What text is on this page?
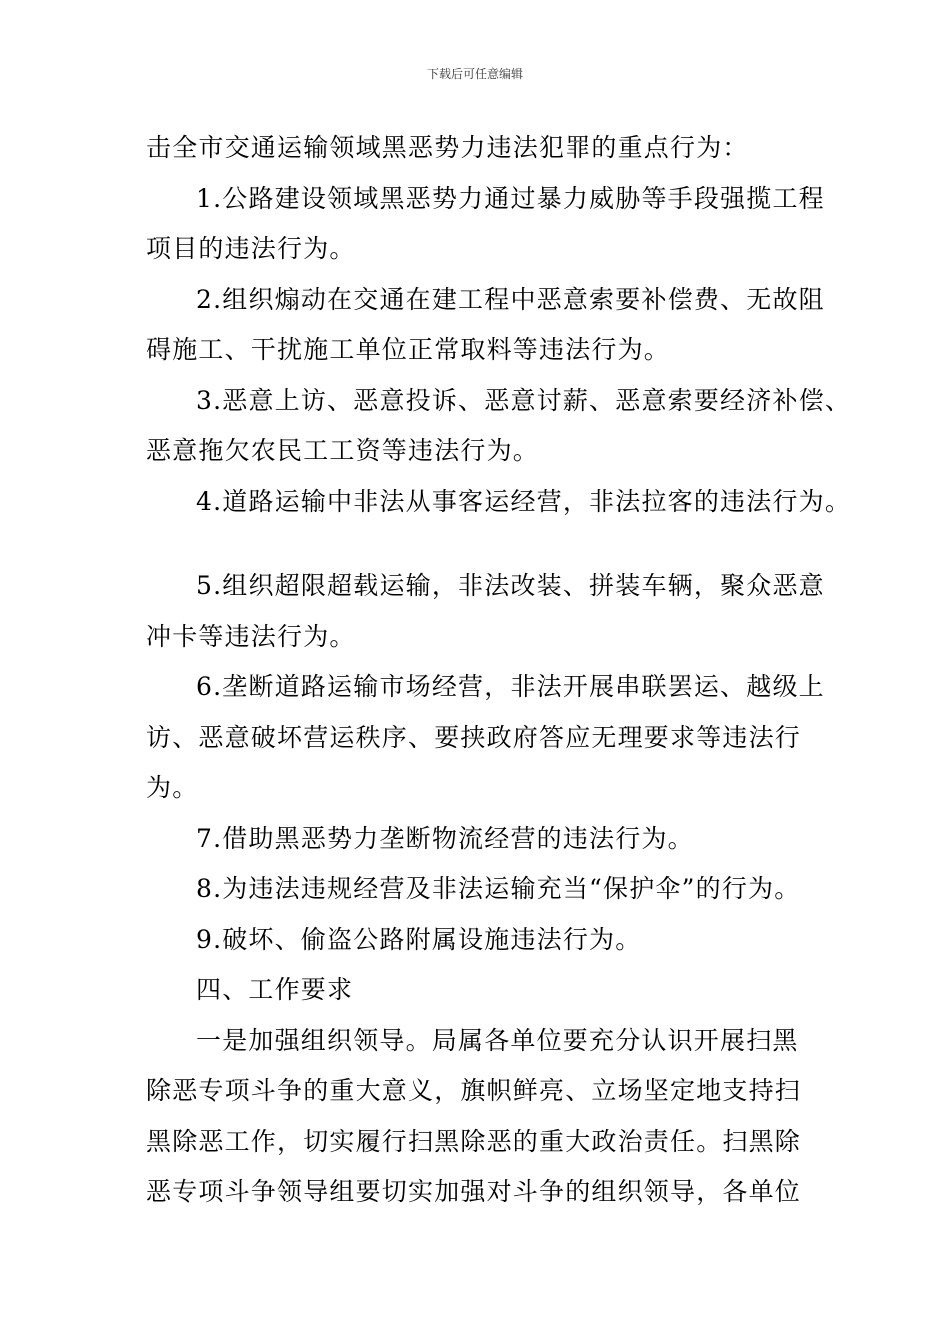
下载后可任意编辑
击全市交通运输领域黑恶势力违法犯罪的重点行为：
1.公路建设领域黑恶势力通过暴力威胁等手段强揽工程
项目的违法行为。
2.组织煽动在交通在建工程中恶意索要补偿费、无故阻
碍施工、干扰施工单位正常取料等违法行为。
3.恶意上访、恶意投诉、恶意讨薪、恶意索要经济补偿、
恶意拖欠农民工工资等违法行为。
4.道路运输中非法从事客运经营，非法拉客的违法行为。
5.组织超限超载运输，非法改装、拼装车辆，聚众恶意
冲卡等违法行为。
6.垄断道路运输市场经营，非法开展串联罢运、越级上
访、恶意破坏营运秩序、要挟政府答应无理要求等违法行
为。
7.借助黑恶势力垄断物流经营的违法行为。
8.为违法违规经营及非法运输充当“保护伞”的行为。
9.破坏、偷盗公路附属设施违法行为。
四、工作要求
一是加强组织领导。局属各单位要充分认识开展扫黑
除恶专项斗争的重大意义，旗帜鲜亮、立场坚定地支持扫
黑除恶工作，切实履行扫黑除恶的重大政治责任。扫黑除
恶专项斗争领导组要切实加强对斗争的组织领导，各单位
